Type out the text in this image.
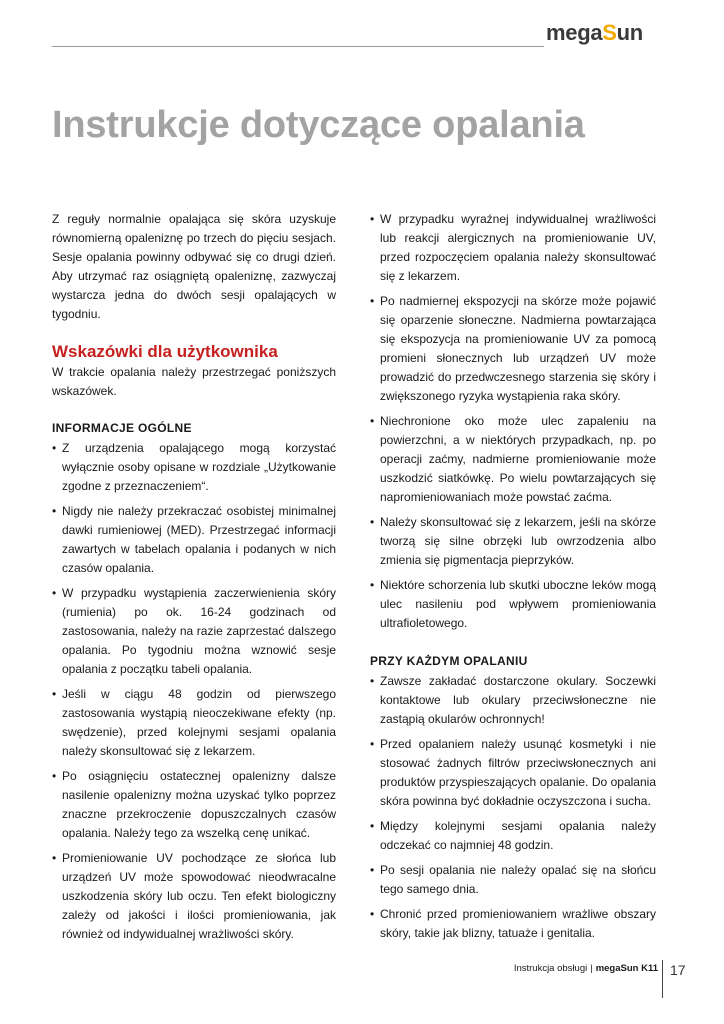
megaSun
Instrukcje dotyczące opalania

Z reguły normalnie opalająca się skóra uzyskuje równomierną opaleniznę po trzech do pięciu sesjach. Sesje opalania powinny odbywać się co drugi dzień. Aby utrzymać raz osiągniętą opaleniznę, zazwyczaj wystarcza jedna do dwóch sesji opalających w tygodniu.

Wskazówki dla użytkownika

W trakcie opalania należy przestrzegać poniższych wskazówek.

INFORMACJE OGÓLNE
• Z urządzenia opalającego mogą korzystać wyłącznie osoby opisane w rozdziale „Użytkowanie zgodne z przeznaczeniem“.
• Nigdy nie należy przekraczać osobistej minimalnej dawki rumieniowej (MED). Przestrzegać informacji zawartych w tabelach opalania i podanych w nich czasów opalania.
• W przypadku wystąpienia zaczerwienienia skóry (rumienia) po ok. 16-24 godzinach od zastosowania, należy na razie zaprzestać dalszego opalania. Po tygodniu można wznowić sesje opalania z początku tabeli opalania.
• Jeśli w ciągu 48 godzin od pierwszego zastosowania wystąpią nieoczekiwane efekty (np. swędzenie), przed kolejnymi sesjami opalania należy skonsultować się z lekarzem.
• Po osiągnięciu ostatecznej opalenizny dalsze nasilenie opalenizny można uzyskać tylko poprzez znaczne przekroczenie dopuszczalnych czasów opalania. Należy tego za wszelką cenę unikać.
• Promieniowanie UV pochodzące ze słońca lub urządzeń UV może spowodować nieodwracalne uszkodzenia skóry lub oczu. Ten efekt biologiczny zależy od jakości i ilości promieniowania, jak również od indywidualnej wrażliwości skóry.
• W przypadku wyraźnej indywidualnej wrażliwości lub reakcji alergicznych na promieniowanie UV, przed rozpoczęciem opalania należy skonsultować się z lekarzem.
• Po nadmiernej ekspozycji na skórze może pojawić się oparzenie słoneczne. Nadmierna powtarzająca się ekspozycja na promieniowanie UV za pomocą promieni słonecznych lub urządzeń UV może prowadzić do przedwczesnego starzenia się skóry i zwiększonego ryzyka wystąpienia raka skóry.
• Niechronione oko może ulec zapaleniu na powierzchni, a w niektórych przypadkach, np. po operacji zaćmy, nadmierne promieniowanie może uszkodzić siatkówkę. Po wielu powtarzających się napromieniowaniach może powstać zaćma.
• Należy skonsultować się z lekarzem, jeśli na skórze tworzą się silne obrzęki lub owrzodzenia albo zmienia się pigmentacja pieprzyków.
• Niektóre schorzenia lub skutki uboczne leków mogą ulec nasileniu pod wpływem promieniowania ultrafioletowego.
PRZY KAŻDYM OPALANIU
• Zawsze zakładać dostarczone okulary. Soczewki kontaktowe lub okulary przeciwsłoneczne nie zastąpią okularów ochronnych!
• Przed opalaniem należy usunąć kosmetyki i nie stosować żadnych filtrów przeciwsłonecznych ani produktów przyspieszających opalanie. Do opalania skóra powinna być dokładnie oczyszczona i sucha.
• Między kolejnymi sesjami opalania należy odczekać co najmniej 48 godzin.
• Po sesji opalania nie należy opalać się na słońcu tego samego dnia.
• Chronić przed promieniowaniem wrażliwe obszary skóry, takie jak blizny, tatuaże i genitalia.
Instrukcja obsługi | megaSun K11 17
